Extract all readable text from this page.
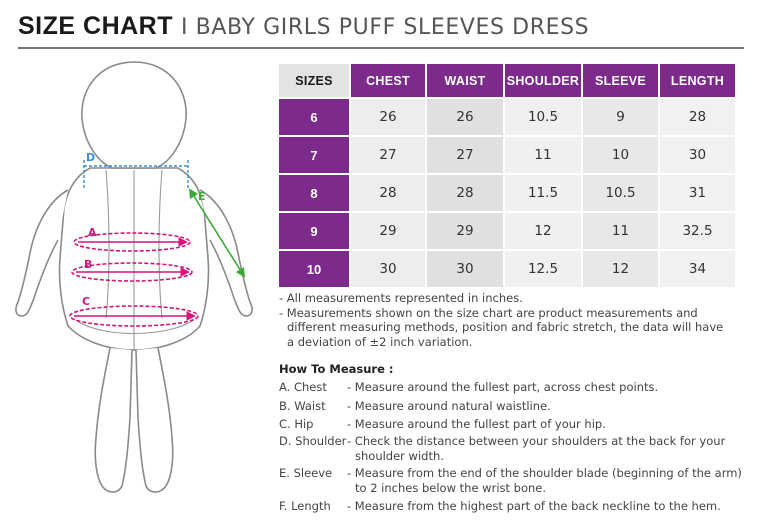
SIZE CHART I BABY GIRLS PUFF SLEEVES DRESS
D
E
A
B
C
SIZES	CHEST	WAIST	SHOULDER	SLEEVE	LENGTH
6	26	26	10.5	9	28
7	27	27	11	10	30
8	28	28	11.5	10.5	31
9	29	29	12	11	32.5
10	30	30	12.5	12	34

- All measurements represented in inches.

- Measurements shown on the size chart are product measurements and

different measuring methods, position and fabric stretch, the data will have

a deviation of ±2 inch variation.

How To Measure :
A. Chest - Measure around the fullest part, across chest points.
B. Waist - Measure around natural waistline.
C. Hip	- Measure around the fullest part of your hip.
D. Shoulder - Check the distance between your shoulders at the back for your
shoulder width.
E. Sleeve - Measure from the end of the shoulder blade (beginning of the arm)
to 2 inches below the wrist bone.
F. Length - Measure from the highest part of the back neckline to the hem.
